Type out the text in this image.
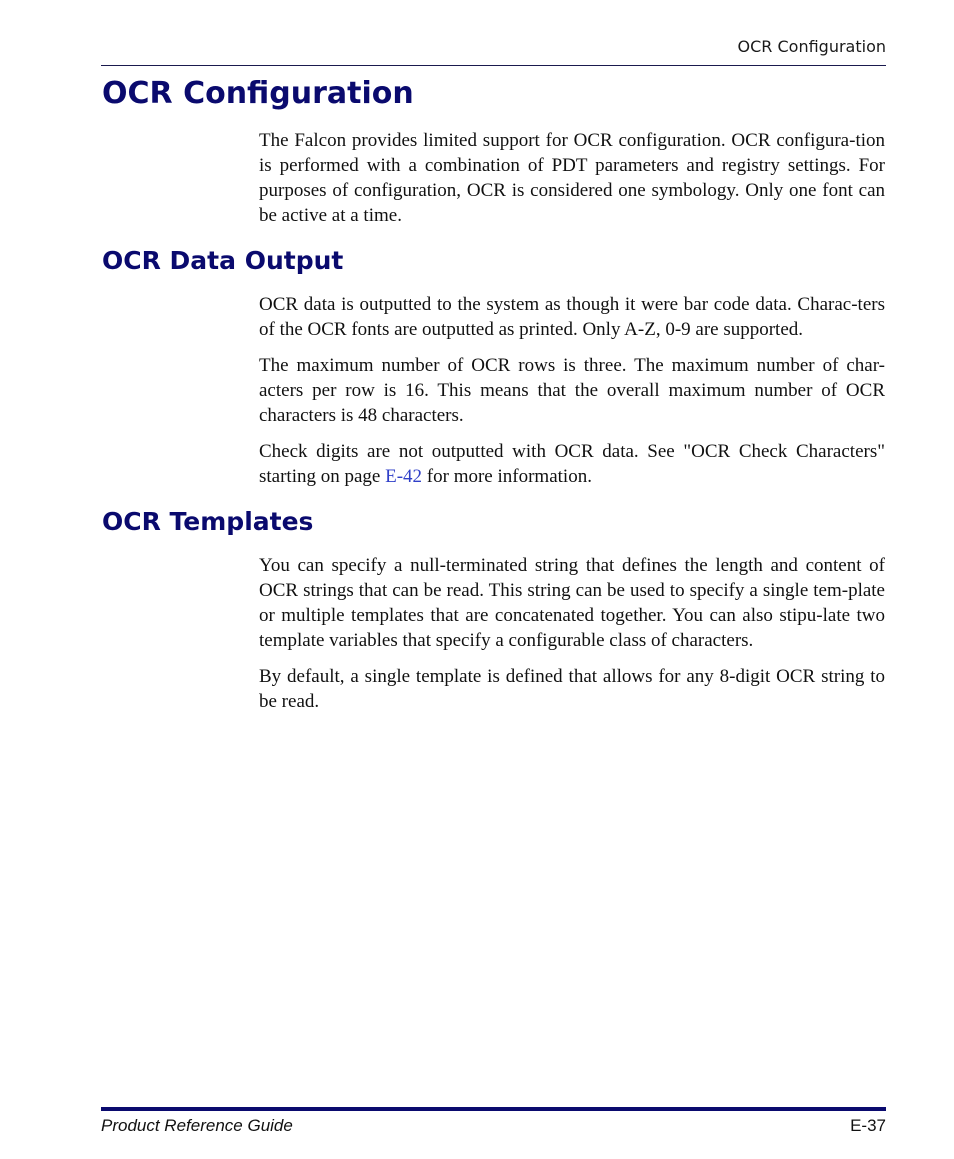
OCR Configuration
OCR Configuration

The Falcon provides limited support for OCR configuration. OCR configura-tion is performed with a combination of PDT parameters and registry settings. For purposes of configuration, OCR is considered one symbology. Only one font can be active at a time.

OCR Data Output

OCR data is outputted to the system as though it were bar code data. Charac-ters of the OCR fonts are outputted as printed. Only A-Z, 0-9 are supported.

The maximum number of OCR rows is three. The maximum number of char-acters per row is 16. This means that the overall maximum number of OCR characters is 48 characters.

Check digits are not outputted with OCR data. See "OCR Check Characters" starting on page E-42 for more information.

OCR Templates

You can specify a null-terminated string that defines the length and content of OCR strings that can be read. This string can be used to specify a single tem-plate or multiple templates that are concatenated together. You can also stipu-late two template variables that specify a configurable class of characters.

By default, a single template is defined that allows for any 8-digit OCR string to be read.

Product Reference Guide	E-37
